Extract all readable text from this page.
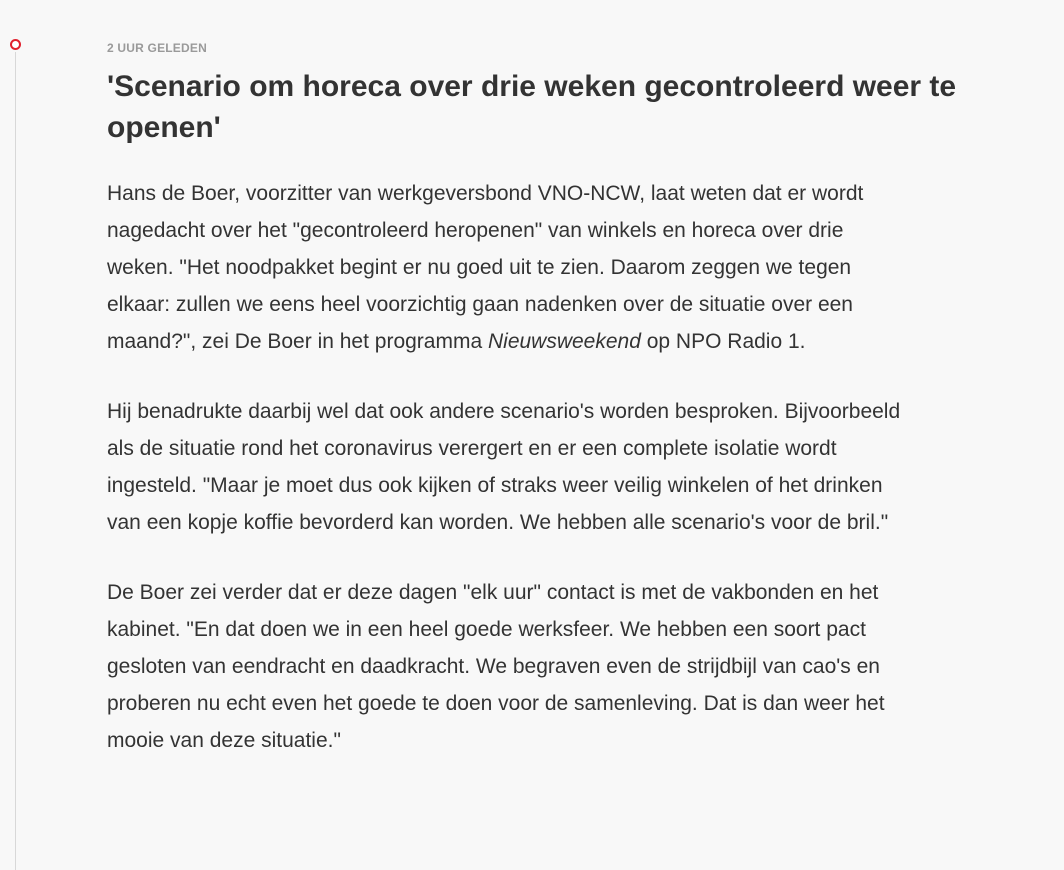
2 UUR GELEDEN
'Scenario om horeca over drie weken gecontroleerd weer te openen'

Hans de Boer, voorzitter van werkgeversbond VNO-NCW, laat weten dat er wordt nagedacht over het "gecontroleerd heropenen" van winkels en horeca over drie weken. "Het noodpakket begint er nu goed uit te zien. Daarom zeggen we tegen elkaar: zullen we eens heel voorzichtig gaan nadenken over de situatie over een maand?", zei De Boer in het programma Nieuwsweekend op NPO Radio 1.

Hij benadrukte daarbij wel dat ook andere scenario's worden besproken. Bijvoorbeeld als de situatie rond het coronavirus verergert en er een complete isolatie wordt ingesteld. "Maar je moet dus ook kijken of straks weer veilig winkelen of het drinken van een kopje koffie bevorderd kan worden. We hebben alle scenario's voor de bril."

De Boer zei verder dat er deze dagen "elk uur" contact is met de vakbonden en het kabinet. "En dat doen we in een heel goede werksfeer. We hebben een soort pact gesloten van eendracht en daadkracht. We begraven even de strijdbijl van cao's en proberen nu echt even het goede te doen voor de samenleving. Dat is dan weer het mooie van deze situatie."
